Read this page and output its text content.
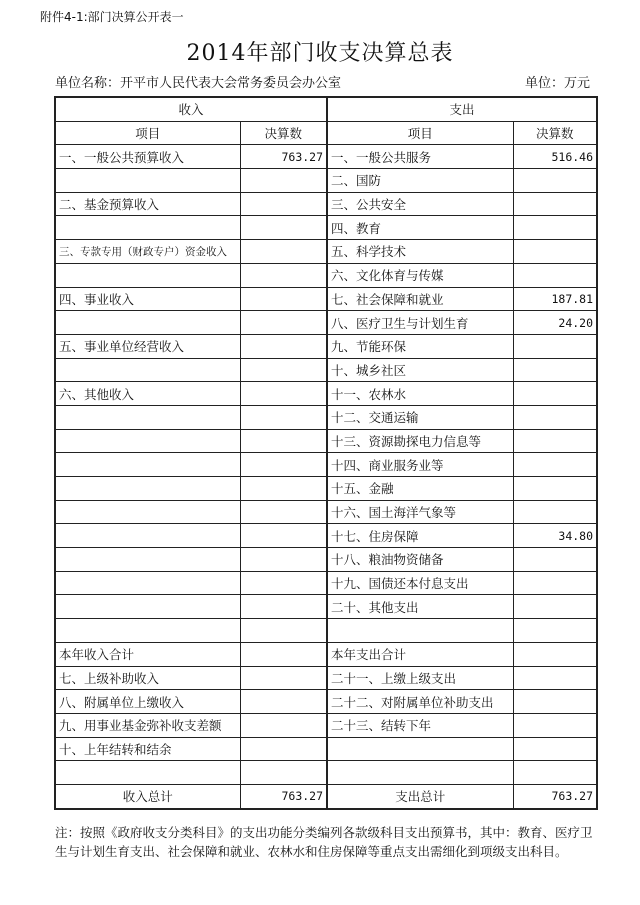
附件4-1:部门决算公开表一
2014年部门收支决算总表
单位名称：开平市人民代表大会常务委员会办公室	单位：万元
收入		支出	
项目	决算数	项目	决算数
一、一般公共预算收入	763.27	一、一般公共服务	516.46
		二、国防	
二、基金预算收入		三、公共安全	
		四、教育	
三、专款专用（财政专户）资金收入		五、科学技术	
		六、文化体育与传媒	
四、事业收入		七、社会保障和就业	187.81
		八、医疗卫生与计划生育	24.20
五、事业单位经营收入		九、节能环保	
		十、城乡社区	
六、其他收入		十一、农林水	
		十二、交通运输	
		十三、资源勘探电力信息等	
		十四、商业服务业等	
		十五、金融	
		十六、国土海洋气象等	
		十七、住房保障	34.80
		十八、粮油物资储备	
		十九、国债还本付息支出	
		二十、其他支出	

本年收入合计		本年支出合计	
七、上级补助收入		二十一、上缴上级支出	
八、附属单位上缴收入		二十二、对附属单位补助支出	
九、用事业基金弥补收支差额		二十三、结转下年	
十、上年结转和结余			

收入总计	763.27	支出总计	763.27
注：按照《政府收支分类科目》的支出功能分类编列各款级科目支出预算书，其中：教育、医疗卫生与计划生育支出、社会保障和就业、农林水和住房保障等重点支出需细化到项级支出科目。
